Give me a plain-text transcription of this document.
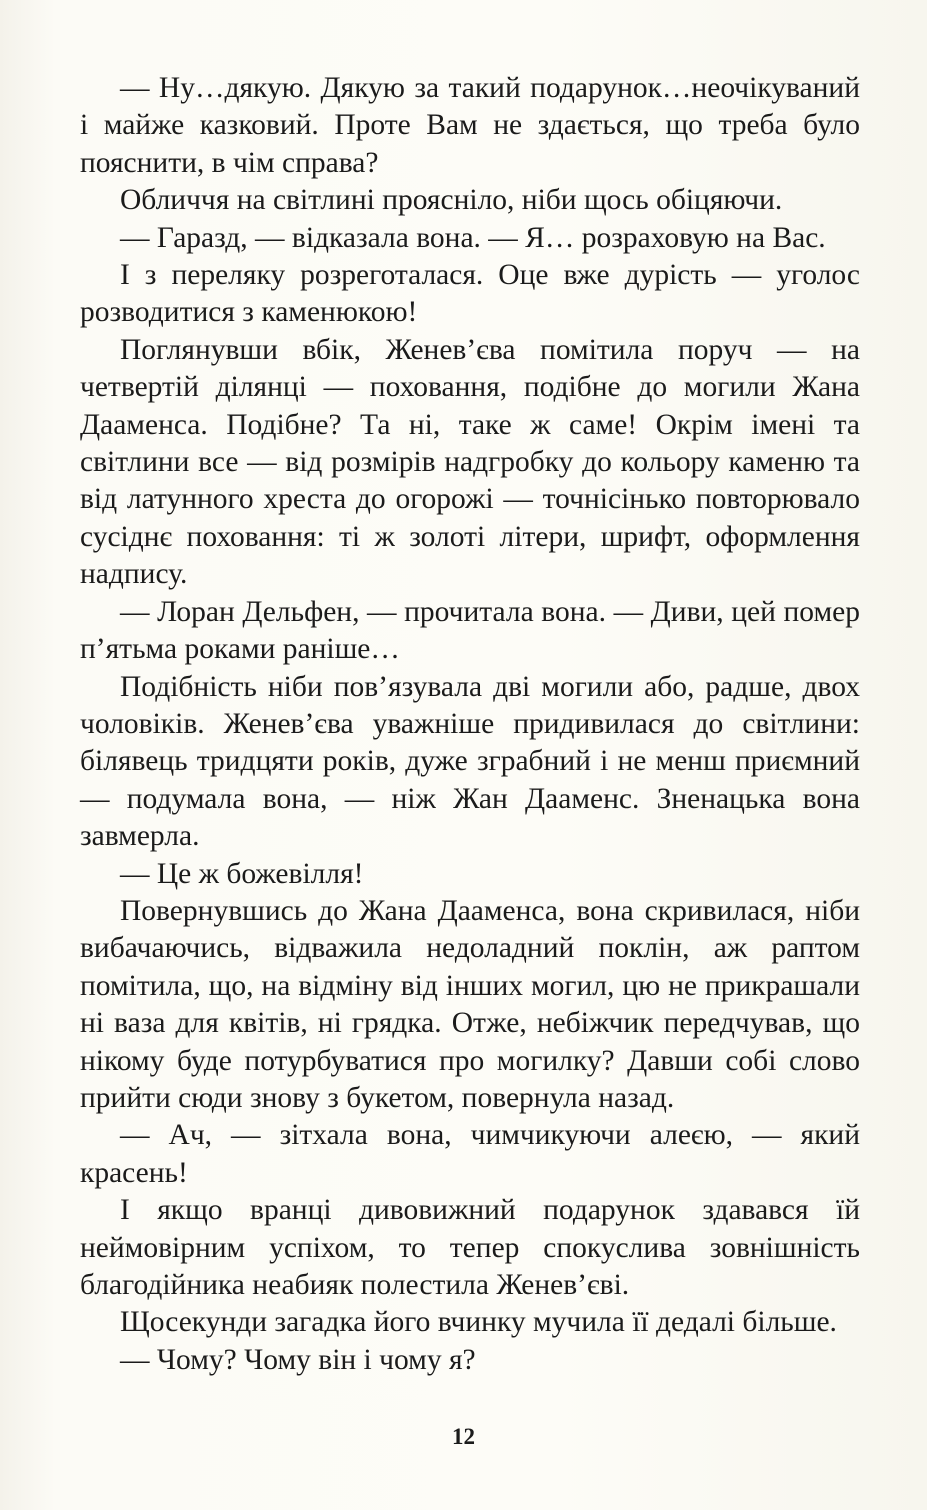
— Ну…дякую. Дякую за такий подарунок…неочікуваний і майже казковий. Проте Вам не здається, що треба було пояснити, в чім справа?

Обличчя на світлині прояснілo, ніби щось обіцяючи.

— Гаразд, — відказала вона. — Я… розраховую на Вас.

І з переляку розреготалася. Оце вже дурість — уголос розводитися з каменюкою!

Поглянувши вбік, Женев’єва помітила поруч — на четвертій ділянці — поховання, подібне до могили Жана Дааменса. Подібне? Та ні, таке ж саме! Окрім імені та світлини все — від розмірів надгробку до кольору каменю та від латунного хреста до огорожі — точнісінько повторювало сусіднє поховання: ті ж золоті літери, шрифт, оформлення надпису.

— Лоран Дельфен, — прочитала вона. — Диви, цей помер п’ятьма роками раніше…

Подібність ніби пов’язувала дві могили або, радше, двох чоловіків. Женев’єва уважніше придивилася до світлини: білявець тридцяти років, дуже зграбний і не менш приємний — подумала вона, — ніж Жан Дааменс. Зненацька вона завмерла.

— Це ж божевілля!

Повернувшись до Жана Дааменса, вона скривилася, ніби вибачаючись, відважила недоладний поклін, аж раптом помітила, що, на відміну від інших могил, цю не прикрашали ні ваза для квітів, ні грядка. Отже, небіжчик передчував, що нікому буде потурбуватися про могилку? Давши собі слово прийти сюди знову з букетом, повернула назад.

— Ач, — зітхала вона, чимчикуючи алеєю, — який красень!

І якщо вранці дивовижний подарунок здавався їй неймовірним успіхом, то тепер спокуслива зовнішність благодійника неабияк полестила Женев’єві.

Щосекунди загадка його вчинку мучила її дедалі більше.

— Чому? Чому він і чому я?

12
